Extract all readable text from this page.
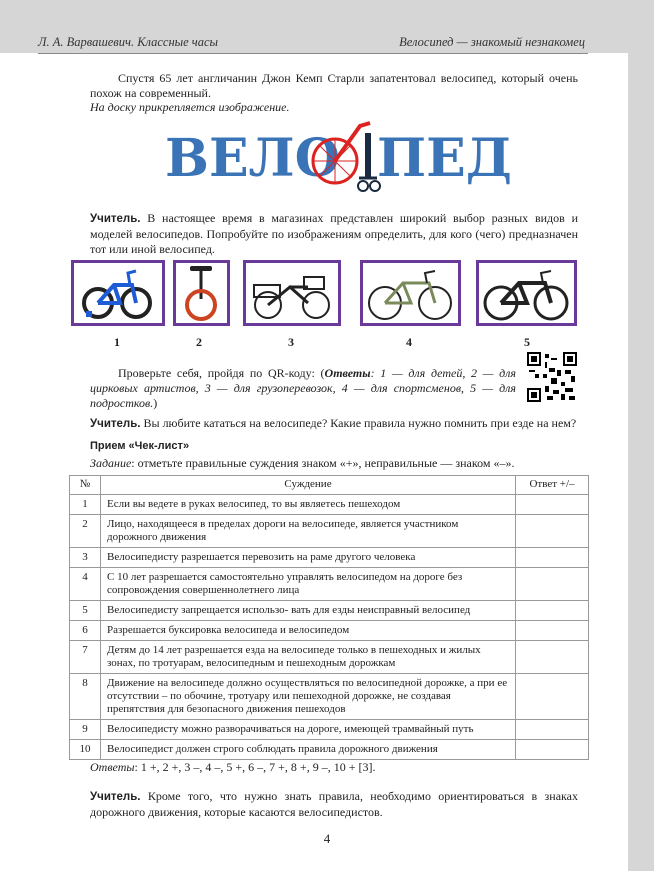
Л. А. Варвашевич. Классные часы	Велосипед — знакомый незнакомец
Спустя 65 лет англичанин Джон Кемп Старли запатентовал велосипед, который очень похож на современный.
На доску прикрепляется изображение.
ВЕЛО ПЕД
Учитель. В настоящее время в магазинах представлен широкий выбор разных видов и моделей велосипедов. Попробуйте по изображениям определить, для кого (чего) предназначен тот или иной велосипед.
1	2	3	4	5
Проверьте себя, пройдя по QR-коду: (Ответы: 1 — для детей, 2 — для цирковых артистов, 3 — для грузоперевозок, 4 — для спортсменов, 5 — для подростков.)
Учитель. Вы любите кататься на велосипеде? Какие правила нужно помнить при езде на нем?
Прием «Чек-лист»
Задание: отметьте правильные суждения знаком «+», неправильные — знаком «–».
№	Суждение	Ответ +/–
1	Если вы ведете в руках велосипед, то вы являетесь пешеходом	
2	Лицо, находящееся в пределах дороги на велосипеде, является участником дорожного движения	
3	Велосипедисту разрешается перевозить на раме другого человека	
4	С 10 лет разрешается самостоятельно управлять велосипедом на дороге без сопровождения совершеннолетнего лица	
5	Велосипедисту запрещается использо- вать для езды неисправный велосипед	
6	Разрешается буксировка велосипеда и велосипедом	
7	Детям до 14 лет разрешается езда на велосипеде только в пешеходных и жилых зонах, по тротуарам, велосипедным и пешеходным дорожкам	
8	Движение на велосипеде должно осуществляться по велосипедной дорожке, а при ее отсутствии – по обочине, тротуару или пешеходной дорожке, не создавая препятствия для безопасного движения пешеходов	
9	Велосипедисту можно разворачиваться на дороге, имеющей трамвайный путь	
10	Велосипедист должен строго соблюдать правила дорожного движения	
Ответы: 1 +, 2 +, 3 –, 4 –, 5 +, 6 –, 7 +, 8 +, 9 –, 10 + [3].
Учитель. Кроме того, что нужно знать правила, необходимо ориентироваться в знаках дорожного движения, которые касаются велосипедистов.
4
